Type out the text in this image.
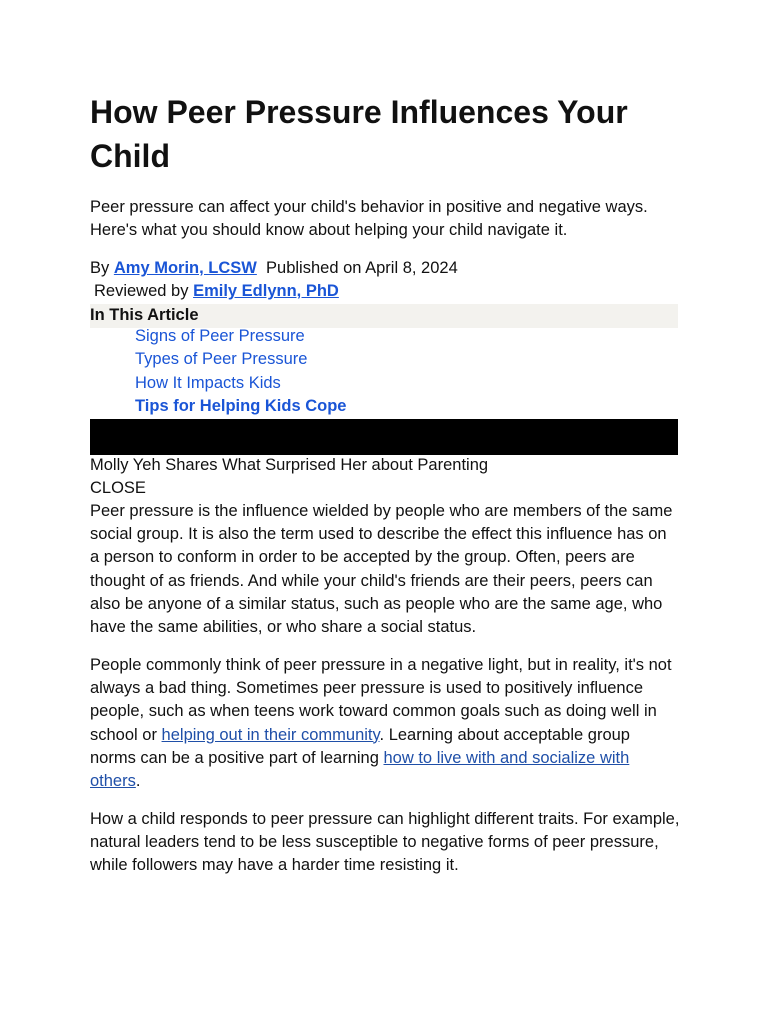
How Peer Pressure Influences Your Child

Peer pressure can affect your child's behavior in positive and negative ways. Here's what you should know about helping your child navigate it.

By Amy Morin, LCSW Published on April 8, 2024
Reviewed by Emily Edlynn, PhD
In This Article
Signs of Peer Pressure
Types of Peer Pressure
How It Impacts Kids
Tips for Helping Kids Cope
Molly Yeh Shares What Surprised Her about Parenting
CLOSE

Peer pressure is the influence wielded by people who are members of the same social group. It is also the term used to describe the effect this influence has on a person to conform in order to be accepted by the group. Often, peers are thought of as friends. And while your child's friends are their peers, peers can also be anyone of a similar status, such as people who are the same age, who have the same abilities, or who share a social status.

People commonly think of peer pressure in a negative light, but in reality, it's not always a bad thing. Sometimes peer pressure is used to positively influence people, such as when teens work toward common goals such as doing well in school or helping out in their community. Learning about acceptable group norms can be a positive part of learning how to live with and socialize with others.

How a child responds to peer pressure can highlight different traits. For example, natural leaders tend to be less susceptible to negative forms of peer pressure, while followers may have a harder time resisting it.
